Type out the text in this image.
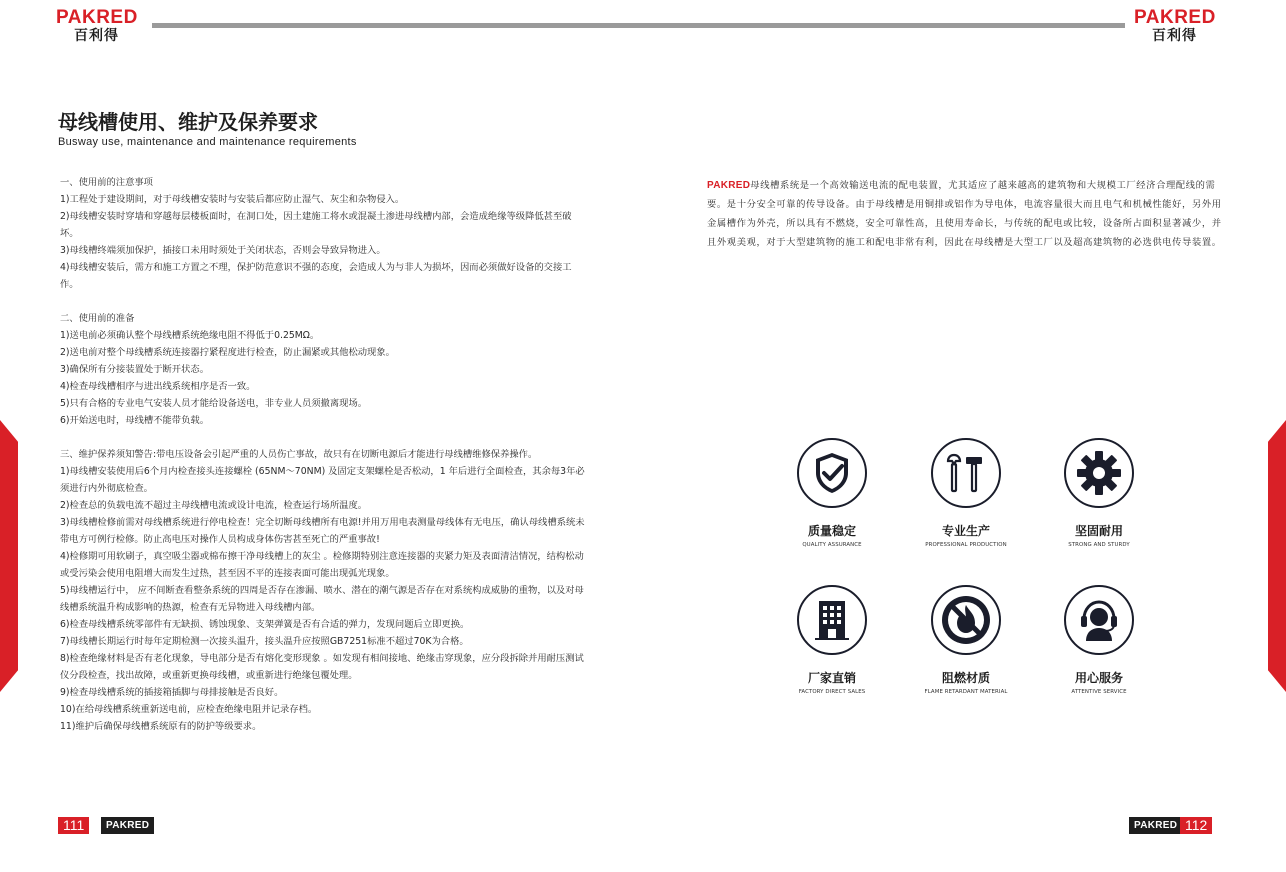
PAKRED
百利得
PAKRED
百利得
母线槽使用、维护及保养要求
Busway use, maintenance and maintenance requirements

一、使用前的注意事项

1)工程处于建设期间，对于母线槽安装时与安装后都应防止湿气、灰尘和杂物侵入。

2)母线槽安装时穿墙和穿越每层楼板面时，在洞口处，因土建施工将水或混凝土渗进母线槽内部，会造成绝缘等级降低甚至破坏。

3)母线槽终端须加保护，插接口未用时须处于关闭状态，否则会导致异物进入。

4)母线槽安装后，需方和施工方置之不理，保护防范意识不强的态度，会造成人为与非人为损坏，因而必须做好设备的交接工作。

二、使用前的准备

1)送电前必须确认整个母线槽系统绝缘电阻不得低于0.25MΩ。

2)送电前对整个母线槽系统连接器拧紧程度进行检查，防止漏紧或其他松动现象。

3)确保所有分接装置处于断开状态。

4)检查母线槽相序与进出线系统相序是否一致。

5)只有合格的专业电气安装人员才能给设备送电，非专业人员须撤离现场。

6)开始送电时，母线槽不能带负载。

三、维护保养须知警告:带电压设备会引起严重的人员伤亡事故，故只有在切断电源后才能进行母线槽维修保养操作。

1)母线槽安装使用后6个月内检查接头连接螺栓 (65NM～70NM) 及固定支架螺栓是否松动，1 年后进行全面检查，其余每3年必须进行内外彻底检查。

2)检查总的负载电流不超过主母线槽电流或设计电流，检查运行场所温度。

3)母线槽检修前需对母线槽系统进行停电检查！完全切断母线槽所有电源!并用万用电表测量母线体有无电压，确认母线槽系统未带电方可例行检修。防止高电压对操作人员构成身体伤害甚至死亡的严重事故!

4)检修期可用软刷子，真空吸尘器或棉布擦干净母线槽上的灰尘 。检修期特别注意连接器的夹紧力矩及表面清洁情况，结构松动或受污染会使用电阻增大而发生过热，甚至因不平的连接表面可能出现弧光现象。

5)母线槽运行中， 应不间断查看整条系统的四周是否存在渗漏、喷水、潜在的潮气源是否存在对系统构成威胁的重物，以及对母线槽系统温升构成影响的热源，检查有无异物进入母线槽内部。

6)检查母线槽系统零部件有无缺损、锈蚀现象、支架弹簧是否有合适的弹力，发现问题后立即更换。

7)母线槽长期运行时每年定期检测一次接头温升，接头温升应按照GB7251标准不超过70K为合格。

8)检查绝缘材料是否有老化现象，导电部分是否有熔化变形现象 。如发现有相间接地、绝缘击穿现象，应分段拆除并用耐压测试仪分段检查，找出故障，或重新更换母线槽，或重新进行绝缘包覆处理。

9)检查母线槽系统的插接箱插脚与母排接触是否良好。

10)在给母线槽系统重新送电前，应检查绝缘电阻并记录存档。

11)维护后确保母线槽系统原有的防护等级要求。

PAKRED母线槽系统是一个高效输送电流的配电装置，尤其适应了越来越高的建筑物和大规模工厂经济合理配线的需要。是十分安全可靠的传导设备。由于母线槽是用铜排或铝作为导电体，电流容量很大而且电气和机械性能好，另外用金属槽作为外壳，所以具有不燃烧，安全可靠性高，且使用寿命长，与传统的配电或比较，设备所占面积显著减少，并且外观美观，对于大型建筑物的施工和配电非常有利，因此在母线槽是大型工厂以及超高建筑物的必选供电传导装置。

质量稳定
QUALITY ASSURANCE
专业生产
PROFESSIONAL PRODUCTION
坚固耐用
STRONG AND STURDY
厂家直销
FACTORY DIRECT SALES
阻燃材质
FLAME RETARDANT MATERIAL
用心服务
ATTENTIVE SERVICE
111	PAKRED	PAKRED 112
